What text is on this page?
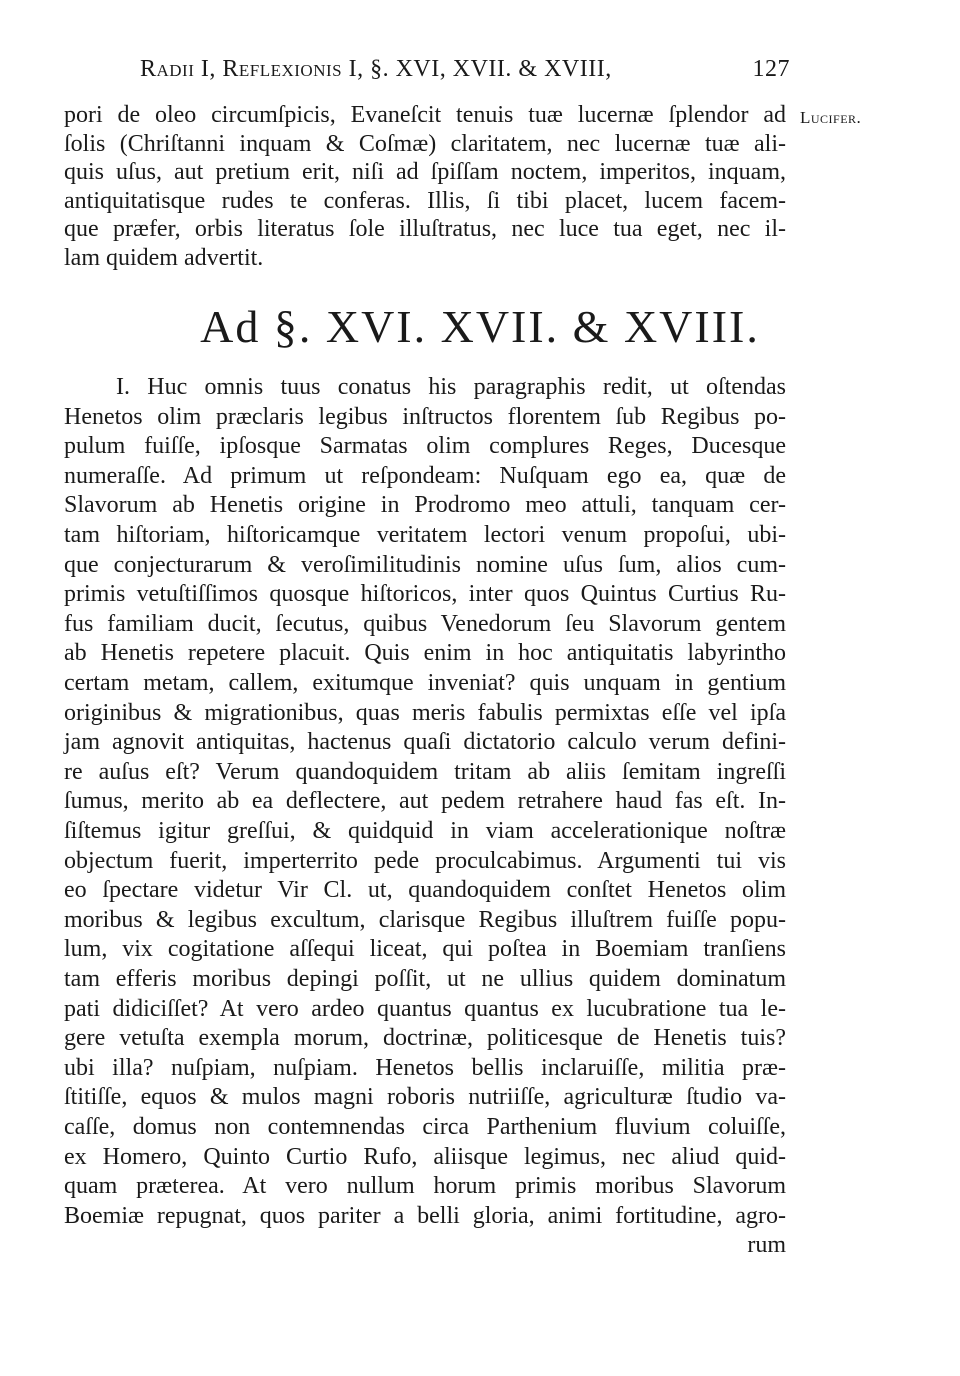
Radii I, Reflexionis I, §. XVI, XVII. & XVIII,	127
Lucifer.
pori de oleo circumſpicis, Evaneſcit tenuis tuæ lucernæ ſplendor ad
ſolis (Chriſtanni inquam & Coſmæ) claritatem, nec lucernæ tuæ ali-
quis uſus, aut pretium erit, niſi ad ſpiſſam noctem, imperitos, inquam,
antiquitatisque rudes te conferas. Illis, ſi tibi placet, lucem facem-
que præfer, orbis literatus ſole illuſtratus, nec luce tua eget, nec il-
lam quidem advertit.
Ad §. XVI. XVII. & XVIII.
I. Huc omnis tuus conatus his paragraphis redit, ut oſtendas
Henetos olim præclaris legibus inſtructos florentem ſub Regibus po-
pulum fuiſſe, ipſosque Sarmatas olim complures Reges, Ducesque
numeraſſe. Ad primum ut reſpondeam: Nuſquam ego ea, quæ de
Slavorum ab Henetis origine in Prodromo meo attuli, tanquam cer-
tam hiſtoriam, hiſtoricamque veritatem lectori venum propoſui, ubi-
que conjecturarum & veroſimilitudinis nomine uſus ſum, alios cum-
primis vetuſtiſſimos quosque hiſtoricos, inter quos Quintus Curtius Ru-
fus familiam ducit, ſecutus, quibus Venedorum ſeu Slavorum gentem
ab Henetis repetere placuit. Quis enim in hoc antiquitatis labyrintho
certam metam, callem, exitumque inveniat? quis unquam in gentium
originibus & migrationibus, quas meris fabulis permixtas eſſe vel ipſa
jam agnovit antiquitas, hactenus quaſi dictatorio calculo verum defini-
re auſus eſt? Verum quandoquidem tritam ab aliis ſemitam ingreſſi
ſumus, merito ab ea deflectere, aut pedem retrahere haud fas eſt. In-
ſiſtemus igitur greſſui, & quidquid in viam accelerationique noſtræ
objectum fuerit, imperterrito pede proculcabimus. Argumenti tui vis
eo ſpectare videtur Vir Cl. ut, quandoquidem conſtet Henetos olim
moribus & legibus excultum, clarisque Regibus illuſtrem fuiſſe popu-
lum, vix cogitatione aſſequi liceat, qui poſtea in Boemiam tranſiens
tam efferis moribus depingi poſſit, ut ne ullius quidem dominatum
pati didiciſſet? At vero ardeo quantus quantus ex lucubratione tua le-
gere vetuſta exempla morum, doctrinæ, politicesque de Henetis tuis?
ubi illa? nuſpiam, nuſpiam. Henetos bellis inclaruiſſe, militia præ-
ſtitiſſe, equos & mulos magni roboris nutriiſſe, agriculturæ ſtudio va-
caſſe, domus non contemnendas circa Parthenium fluvium coluiſſe,
ex Homero, Quinto Curtio Rufo, aliisque legimus, nec aliud quid-
quam præterea. At vero nullum horum primis moribus Slavorum
Boemiæ repugnat, quos pariter a belli gloria, animi fortitudine, agro-
rum
